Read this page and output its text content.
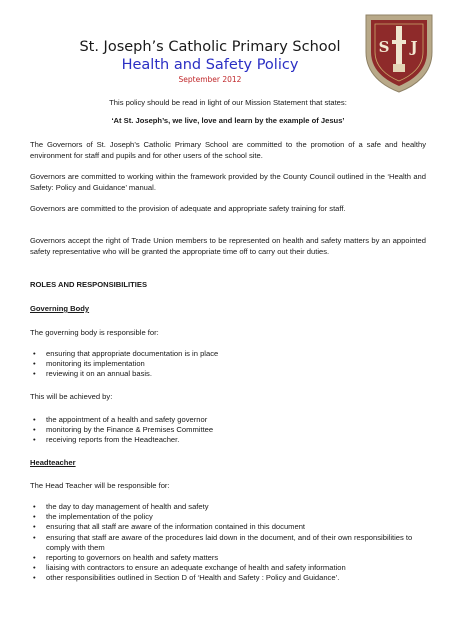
St. Joseph’s Catholic Primary School
Health and Safety Policy
September 2012
S J
This policy should be read in light of our Mission Statement that states:
‘At St. Joseph’s, we live, love and learn by the example of Jesus’
The Governors of St. Joseph’s Catholic Primary School are committed to the promotion of a safe and healthy environment for staff and pupils and for other users of the school site.
Governors are committed to working within the framework provided by the County Council outlined in the ‘Health and Safety: Policy and Guidance’ manual.
Governors are committed to the provision of adequate and appropriate safety training for staff.
Governors accept the right of Trade Union members to be represented on health and safety matters by an appointed safety representative who will be granted the appropriate time off to carry out their duties.
ROLES AND RESPONSIBILITIES
Governing Body
The governing body is responsible for:
• ensuring that appropriate documentation is in place
• monitoring its implementation
• reviewing it on an annual basis.
This will be achieved by:
• the appointment of a health and safety governor
• monitoring by the Finance & Premises Committee
• receiving reports from the Headteacher.
Headteacher
The Head Teacher will be responsible for:
• the day to day management of health and safety
• the implementation of the policy
• ensuring that all staff are aware of the information contained in this document
• ensuring that staff are aware of the procedures laid down in the document, and of their own responsibilities to comply with them
• reporting to governors on health and safety matters
• liaising with contractors to ensure an adequate exchange of health and safety information
• other responsibilities outlined in Section D of ‘Health and Safety : Policy and Guidance’.
